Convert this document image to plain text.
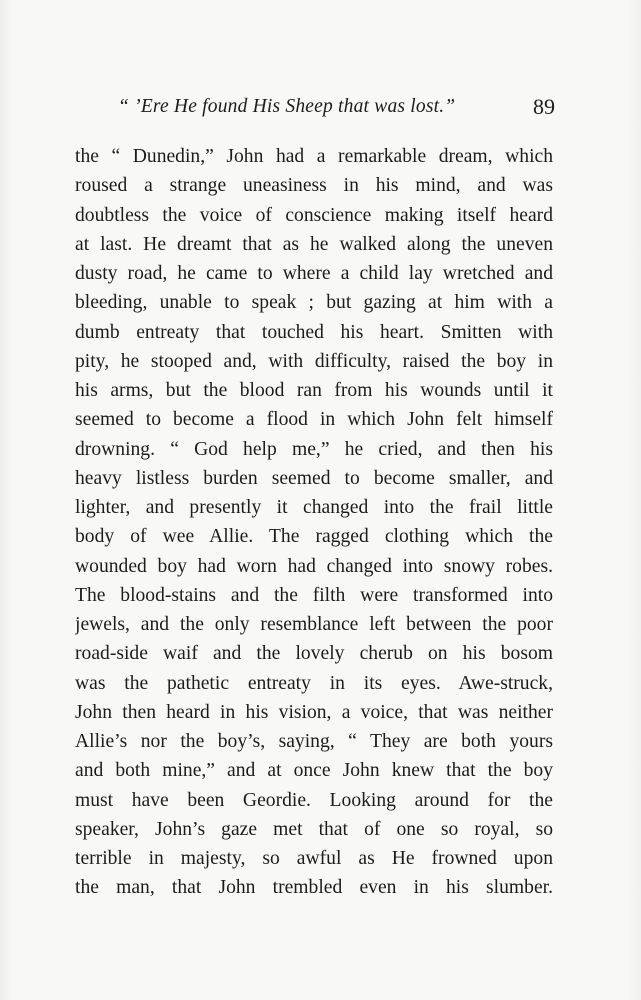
“ ’Ere He found His Sheep that was lost.”	89
the “ Dunedin,” John had a remarkable dream, which
roused a strange uneasiness in his mind, and was
doubtless the voice of conscience making itself heard
at last. He dreamt that as he walked along the uneven
dusty road, he came to where a child lay wretched and
bleeding, unable to speak ; but gazing at him with a
dumb entreaty that touched his heart. Smitten with
pity, he stooped and, with difficulty, raised the boy in
his arms, but the blood ran from his wounds until it
seemed to become a flood in which John felt himself
drowning. “ God help me,” he cried, and then his
heavy listless burden seemed to become smaller, and
lighter, and presently it changed into the frail little
body of wee Allie. The ragged clothing which the
wounded boy had worn had changed into snowy robes.
The blood-stains and the filth were transformed into
jewels, and the only resemblance left between the poor
road-side waif and the lovely cherub on his bosom
was the pathetic entreaty in its eyes. Awe-struck,
John then heard in his vision, a voice, that was neither
Allie’s nor the boy’s, saying, “ They are both yours
and both mine,” and at once John knew that the boy
must have been Geordie. Looking around for the
speaker, John’s gaze met that of one so royal, so
terrible in majesty, so awful as He frowned upon
the man, that John trembled even in his slumber.
